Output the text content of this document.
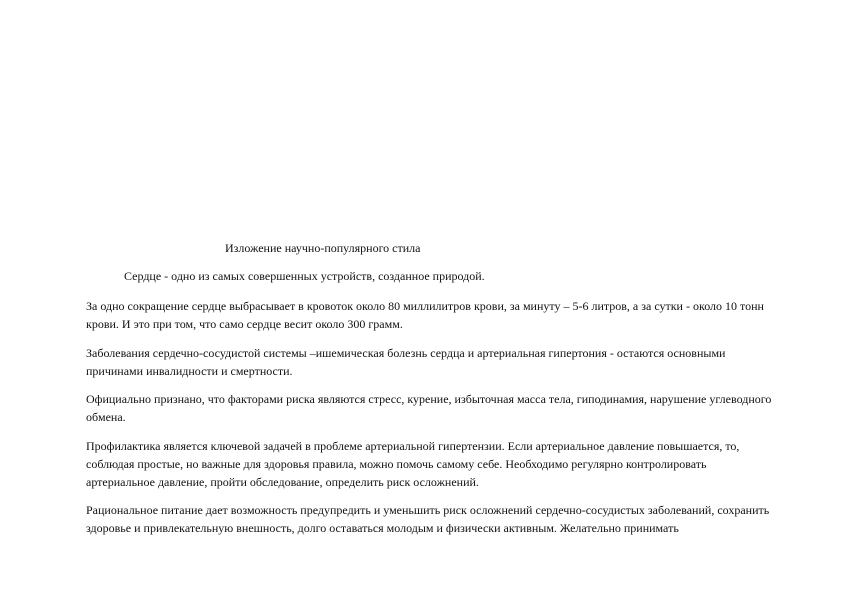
Изложение научно-популярного стила
Сердце - одно из самых совершенных устройств, созданное природой.

За одно сокращение сердце выбрасывает в кровоток около 80 миллилитров крови, за минуту – 5-6 литров, а за сутки - около 10 тонн крови. И это при том, что само сердце весит около 300 грамм.

Заболевания сердечно-сосудистой системы –ишемическая болезнь сердца и артериальная гипертония - остаются основными причинами инвалидности и смертности.

Официально признано, что факторами риска являются стресс, курение, избыточная масса тела, гиподинамия, нарушение углеводного обмена.

Профилактика является ключевой задачей в проблеме артериальной гипертензии. Если артериальное давление повышается, то, соблюдая простые, но важные для здоровья правила, можно помочь самому себе. Необходимо регулярно контролировать артериальное давление, пройти обследование, определить риск осложнений.

Рациональное питание дает возможность предупредить и уменьшить риск осложнений сердечно-сосудистых заболеваний, сохранить здоровье и привлекательную внешность, долго оставаться молодым и физически активным. Желательно принимать
